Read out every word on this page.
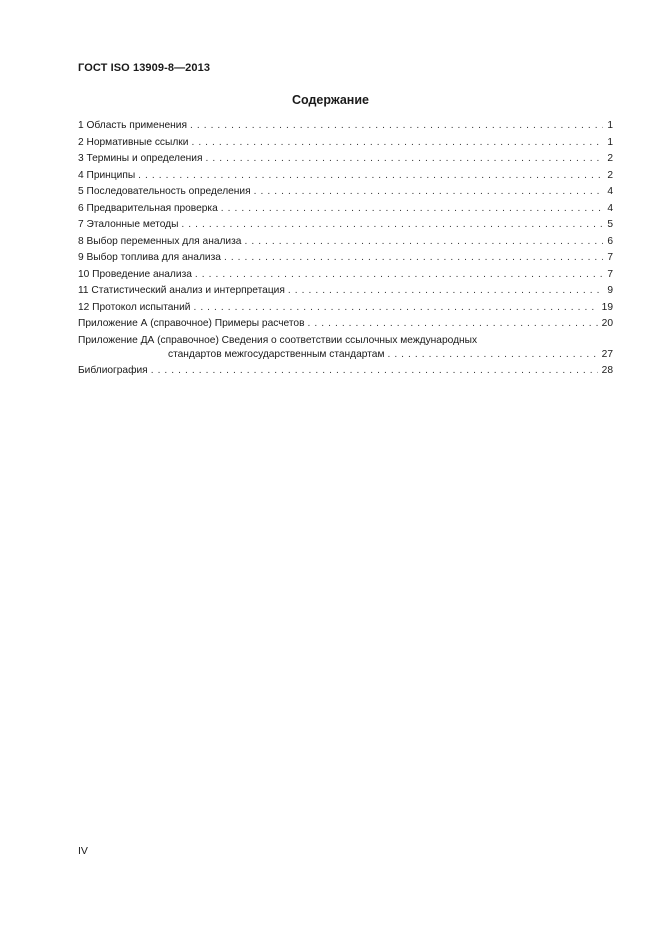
ГОСТ ISO 13909-8—2013
Содержание
1 Область применения . . .	1
2 Нормативные ссылки . . .	1
3 Термины и определения . . .	2
4 Принципы . . .	2
5 Последовательность определения . . .	4
6 Предварительная проверка . . .	4
7 Эталонные методы . . .	5
8 Выбор переменных для анализа . . .	6
9 Выбор топлива для анализа . . .	7
10 Проведение анализа . . .	7
11 Статистический анализ и интерпретация . . .	9
12 Протокол испытаний . . .	19
Приложение А (справочное) Примеры расчетов . . .	20
Приложение ДА (справочное) Сведения о соответствии ссылочных международных
стандартов межгосударственным стандартам . . .	27
Библиография . . .	28
IV
